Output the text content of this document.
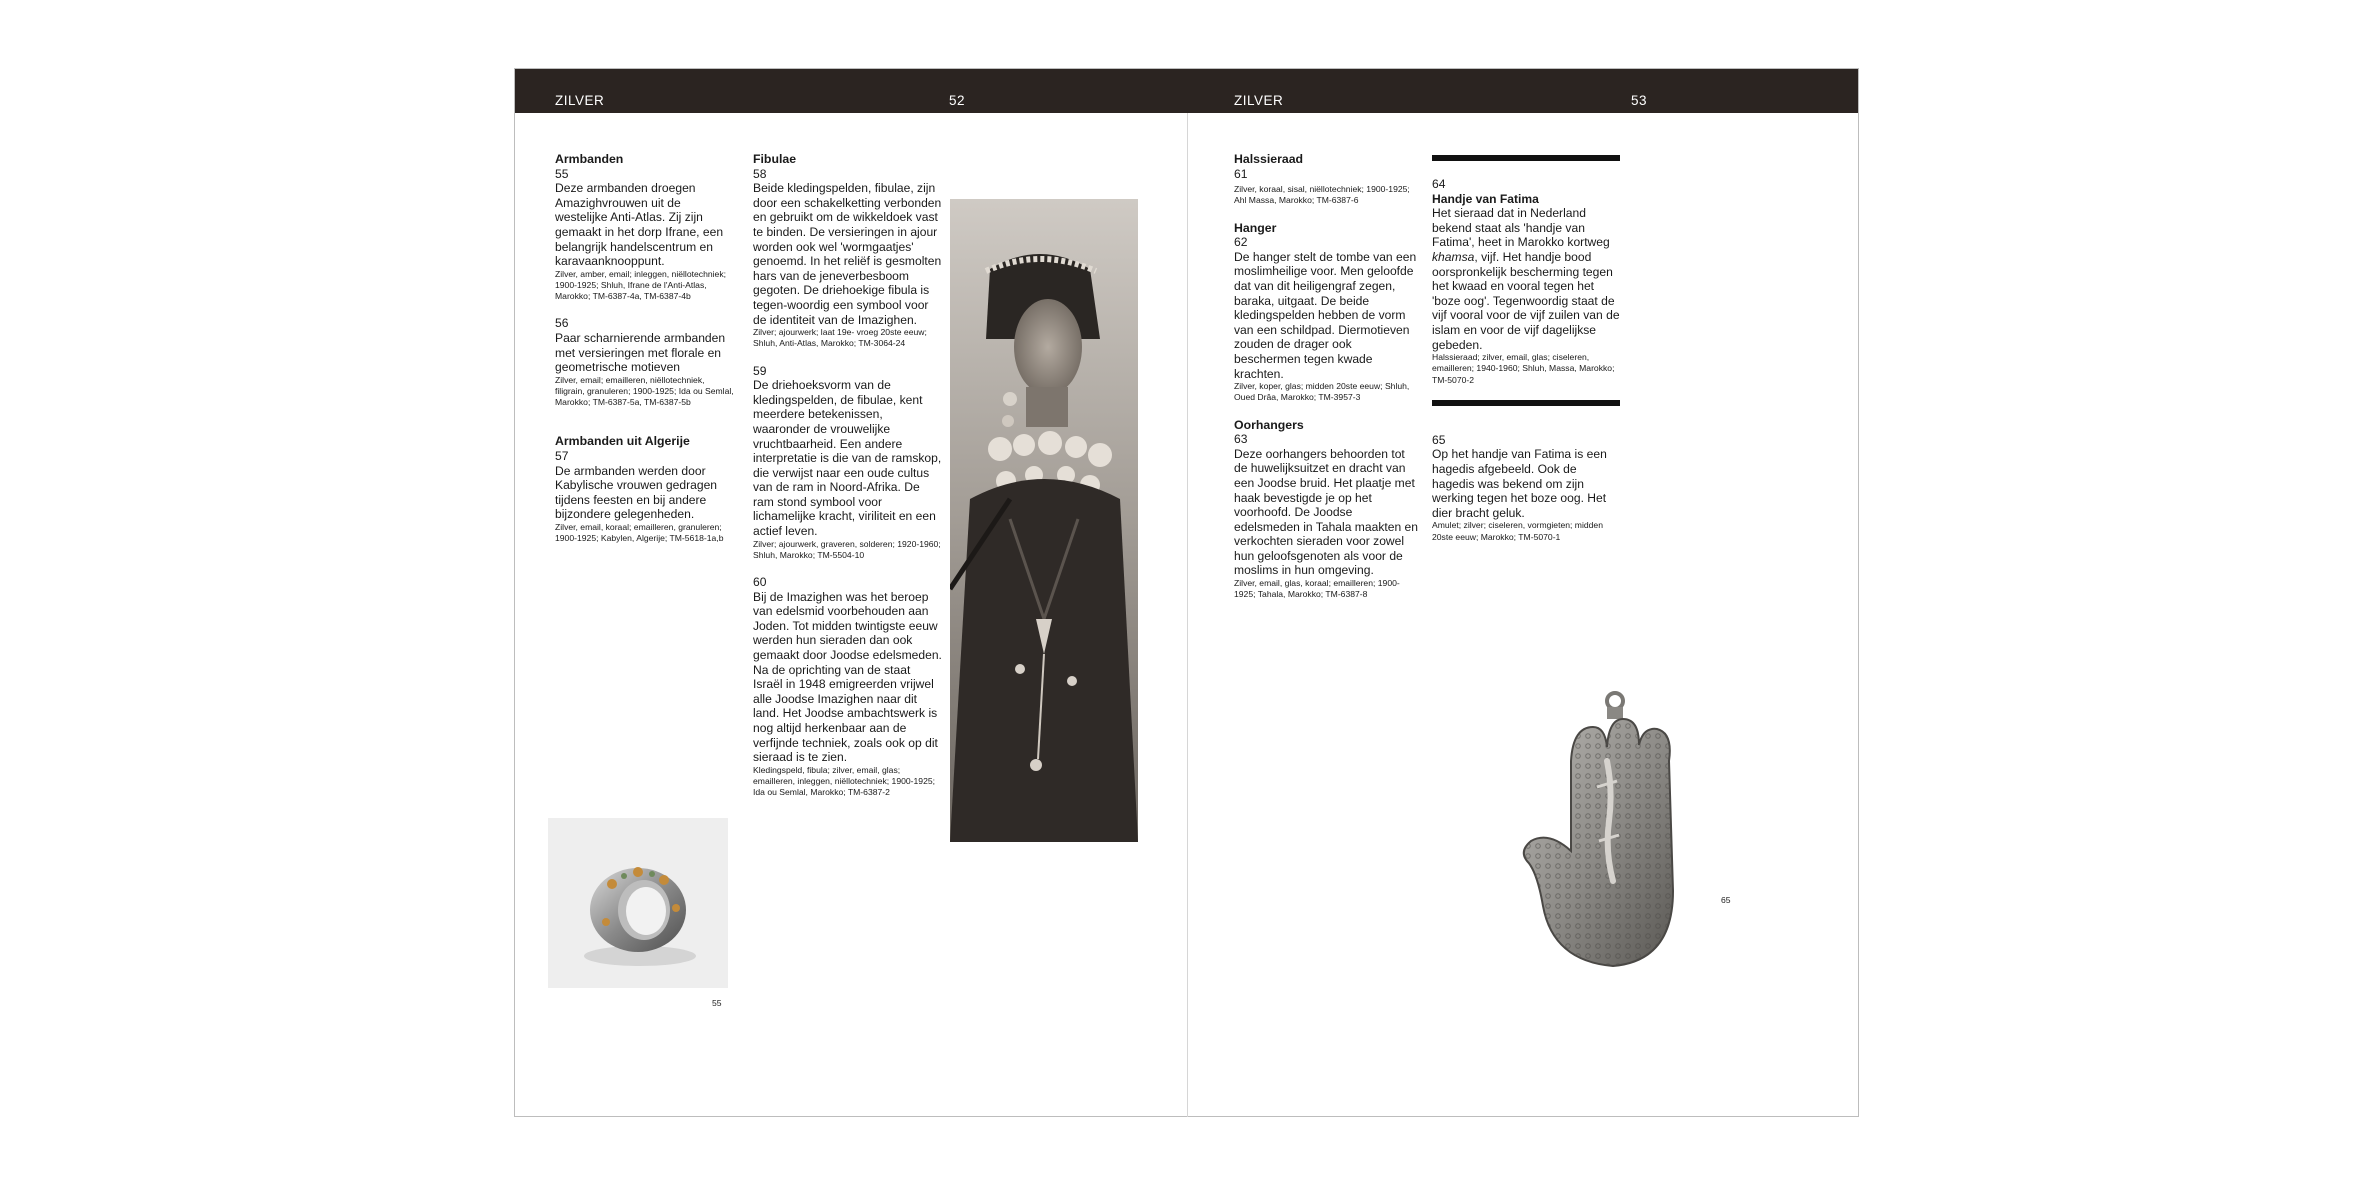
ZILVER	52	ZILVER	53

Armbanden

55

Deze armbanden droegen Amazighvrouwen uit de westelijke Anti-Atlas. Zij zijn gemaakt in het dorp Ifrane, een belangrijk handelscentrum en karavaanknooppunt.

Zilver, amber, email; inleggen, niëllotechniek; 1900-1925; Shluh, Ifrane de l'Anti-Atlas, Marokko; TM-6387-4a, TM-6387-4b

56

Paar scharnierende armbanden met versieringen met florale en geometrische motieven

Zilver, email; emailleren, niëllotechniek, filigrain, granuleren; 1900-1925; Ida ou Semlal, Marokko; TM-6387-5a, TM-6387-5b

Armbanden uit Algerije

57

De armbanden werden door Kabylische vrouwen gedragen tijdens feesten en bij andere bijzondere gelegenheden.

Zilver, email, koraal; emailleren, granuleren; 1900-1925; Kabylen, Algerije; TM-5618-1a,b

Fibulae

58

Beide kledingspelden, fibulae, zijn door een schakelketting verbonden en gebruikt om de wikkeldoek vast te binden. De versieringen in ajour worden ook wel 'wormgaatjes' genoemd. In het reliëf is gesmolten hars van de jeneverbesboom gegoten. De driehoekige fibula is tegen-woordig een symbool voor de identiteit van de Imazighen.

Zilver; ajourwerk; laat 19e- vroeg 20ste eeuw; Shluh, Anti-Atlas, Marokko; TM-3064-24

59

De driehoeksvorm van de kledingspelden, de fibulae, kent meerdere betekenissen, waaronder de vrouwelijke vruchtbaarheid. Een andere interpretatie is die van de ramskop, die verwijst naar een oude cultus van de ram in Noord-Afrika. De ram stond symbool voor lichamelijke kracht, viriliteit en een actief leven.

Zilver; ajourwerk, graveren, solderen; 1920-1960; Shluh, Marokko; TM-5504-10

60

Bij de Imazighen was het beroep van edelsmid voorbehouden aan Joden. Tot midden twintigste eeuw werden hun sieraden dan ook gemaakt door Joodse edelsmeden. Na de oprichting van de staat Israël in 1948 emigreerden vrijwel alle Joodse Imazighen naar dit land. Het Joodse ambachtswerk is nog altijd herkenbaar aan de verfijnde techniek, zoals ook op dit sieraad is te zien.

Kledingspeld, fibula; zilver, email, glas; emailleren, inleggen, niëllotechniek; 1900-1925; Ida ou Semlal, Marokko; TM-6387-2

55

Halssieraad

61

Zilver, koraal, sisal, niëllotechniek; 1900-1925; Ahl Massa, Marokko; TM-6387-6

Hanger

62

De hanger stelt de tombe van een moslimheilige voor. Men geloofde dat van dit heiligengraf zegen, baraka, uitgaat. De beide kledingspelden hebben de vorm van een schildpad. Diermotieven zouden de drager ook beschermen tegen kwade krachten.

Zilver, koper, glas; midden 20ste eeuw; Shluh, Oued Drâa, Marokko; TM-3957-3

Oorhangers

63

Deze oorhangers behoorden tot de huwelijksuitzet en dracht van een Joodse bruid. Het plaatje met haak bevestigde je op het voorhoofd. De Joodse edelsmeden in Tahala maakten en verkochten sieraden voor zowel hun geloofsgenoten als voor de moslims in hun omgeving.

Zilver, email, glas, koraal; emailleren; 1900-1925; Tahala, Marokko; TM-6387-8

64

Handje van Fatima

Het sieraad dat in Nederland bekend staat als 'handje van Fatima', heet in Marokko kortweg khamsa, vijf. Het handje bood oorspronkelijk bescherming tegen het kwaad en vooral tegen het 'boze oog'. Tegenwoordig staat de vijf vooral voor de vijf zuilen van de islam en voor de vijf dagelijkse gebeden.

Halssieraad; zilver, email, glas; ciseleren, emailleren; 1940-1960; Shluh, Massa, Marokko; TM-5070-2

65

Op het handje van Fatima is een hagedis afgebeeld. Ook de hagedis was bekend om zijn werking tegen het boze oog. Het dier bracht geluk.

Amulet; zilver; ciseleren, vormgieten; midden 20ste eeuw; Marokko; TM-5070-1

65
